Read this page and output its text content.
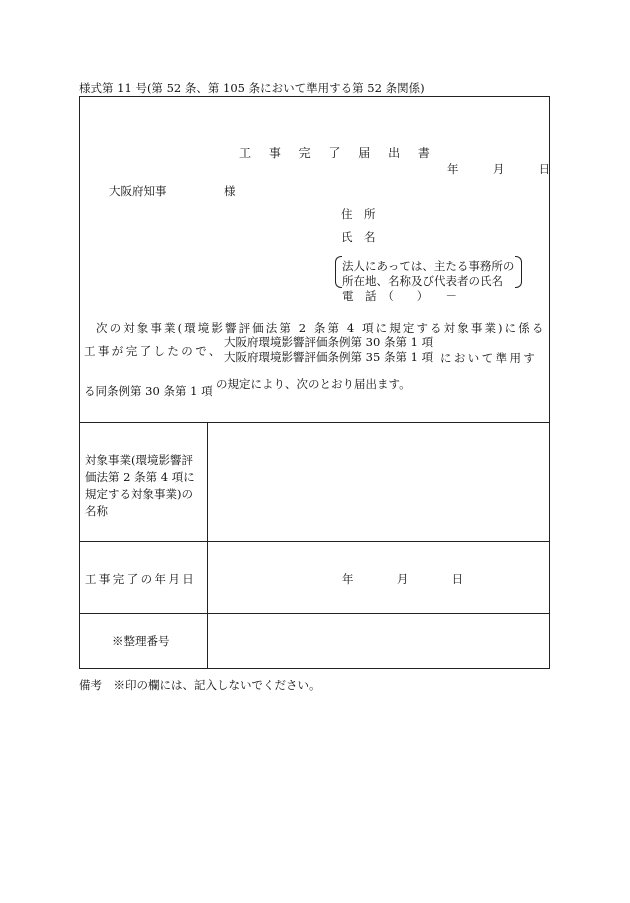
様式第 11 号(第 52 条、第 105 条において準用する第 52 条関係)
工 事 完 了 届 出 書
年	月	日
大阪府知事	様
住　所
氏　名
法人にあっては、主たる事務所の
所在地、名称及び代表者の氏名
電　話　（　　）　　－
次の対象事業(環境影響評価法第 2 条第 4 項に規定する対象事業)に係る
工事が完了したので、
大阪府環境影響評価条例第 30 条第 1 項
大阪府環境影響評価条例第 35 条第 1 項 において準用す
る同条例第 30 条第 1 項 の規定により、次のとおり届出ます。
対象事業(環境影響評価法第 2 条第 4 項に規定する対象事業)の名称
工事完了の年月日	年	月	日
※整理番号
備考　※印の欄には、記入しないでください。
